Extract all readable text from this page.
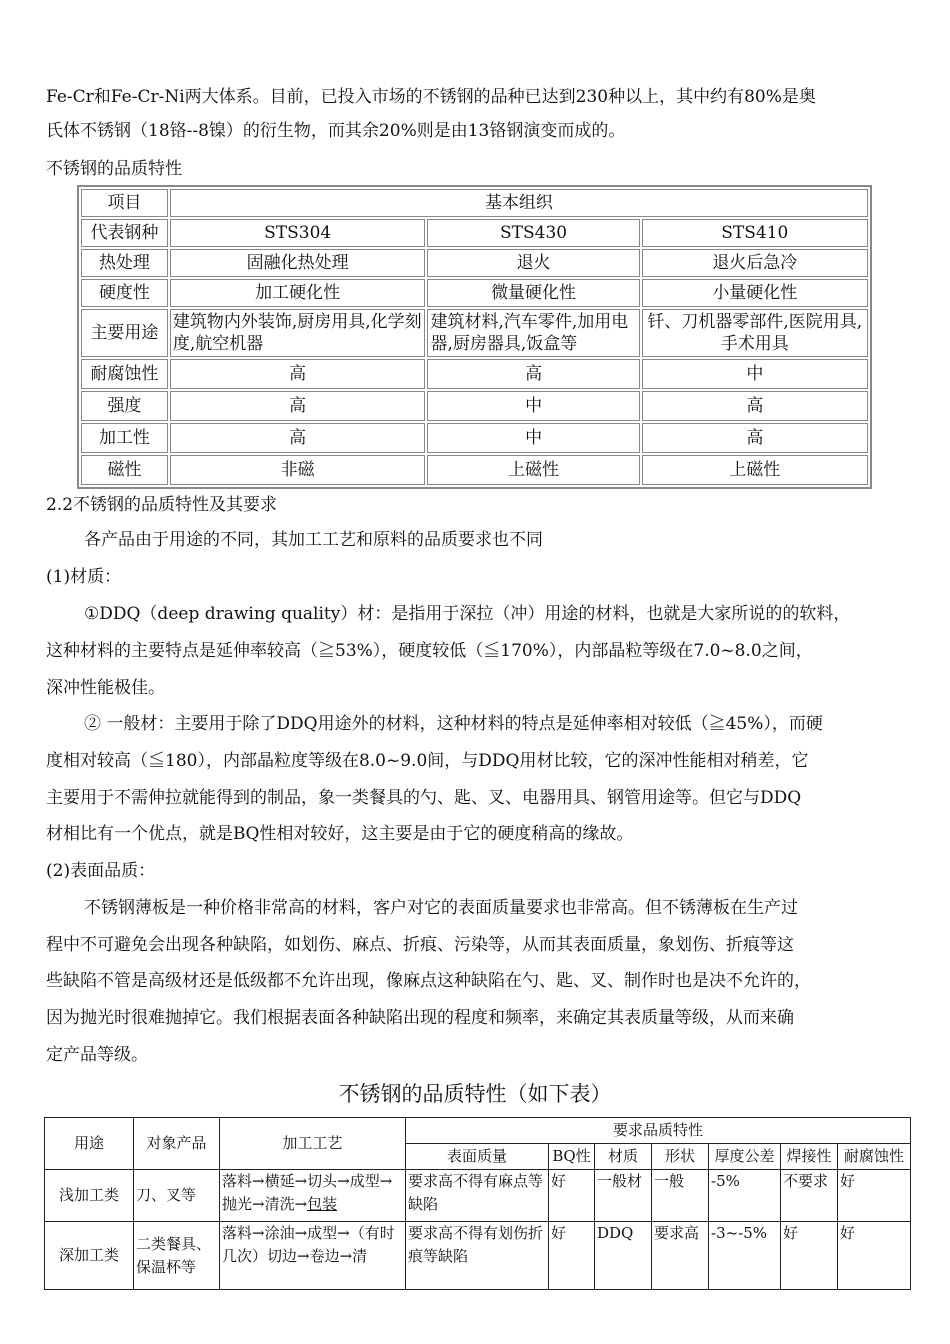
Fe-Cr和Fe-Cr-Ni两大体系。目前，已投入市场的不锈钢的品种已达到230种以上，其中约有80%是奥
氏体不锈钢（18铬--8镍）的衍生物，而其余20%则是由13铬钢演变而成的。
不锈钢的品质特性
项目	基本组织		
代表钢种	STS304	STS430	STS410
热处理	固融化热处理	退火	退火后急冷
硬度性	加工硬化性	微量硬化性	小量硬化性
主要用途	建筑物内外装饰,厨房用具,化学刻度,航空机器	建筑材料,汽车零件,加用电器,厨房器具,饭盒等	钎、刀机器零部件,医院用具,手术用具
耐腐蚀性	高	高	中
强度	高	中	高
加工性	高	中	高
磁性	非磁	上磁性	上磁性
2.2不锈钢的品质特性及其要求
各产品由于用途的不同，其加工工艺和原料的品质要求也不同
(1)材质：
①DDQ（deep drawing quality）材：是指用于深拉（冲）用途的材料，也就是大家所说的的软料，
这种材料的主要特点是延伸率较高（≧53%），硬度较低（≦170%），内部晶粒等级在7.0~8.0之间，
深冲性能极佳。
② 一般材：主要用于除了DDQ用途外的材料，这种材料的特点是延伸率相对较低（≧45%），而硬
度相对较高（≦180），内部晶粒度等级在8.0~9.0间，与DDQ用材比较，它的深冲性能相对稍差，它
主要用于不需伸拉就能得到的制品，象一类餐具的勺、匙、叉、电器用具、钢管用途等。但它与DDQ
材相比有一个优点，就是BQ性相对较好，这主要是由于它的硬度稍高的缘故。
(2)表面品质：
不锈钢薄板是一种价格非常高的材料，客户对它的表面质量要求也非常高。但不锈薄板在生产过
程中不可避免会出现各种缺陷，如划伤、麻点、折痕、污染等，从而其表面质量，象划伤、折痕等这
些缺陷不管是高级材还是低级都不允许出现，像麻点这种缺陷在勺、匙、叉、制作时也是决不允许的，
因为抛光时很难抛掉它。我们根据表面各种缺陷出现的程度和频率，来确定其表质量等级，从而来确
定产品等级。
不锈钢的品质特性（如下表）
用途	对象产品	加工工艺	要求品质特性						
			表面质量	BQ性	材质	形状	厚度公差	焊接性	耐腐蚀性
浅加工类	刀、叉等	落料→横延→切头→成型→抛光→清洗→包装	要求高不得有麻点等缺陷	好	一般材	一般	-5%	不要求	好
深加工类	二类餐具、保温杯等	落料→涂油→成型→（有时几次）切边→卷边→清	要求高不得有划伤折痕等缺陷	好	DDQ	要求高	-3~-5%	好	好
